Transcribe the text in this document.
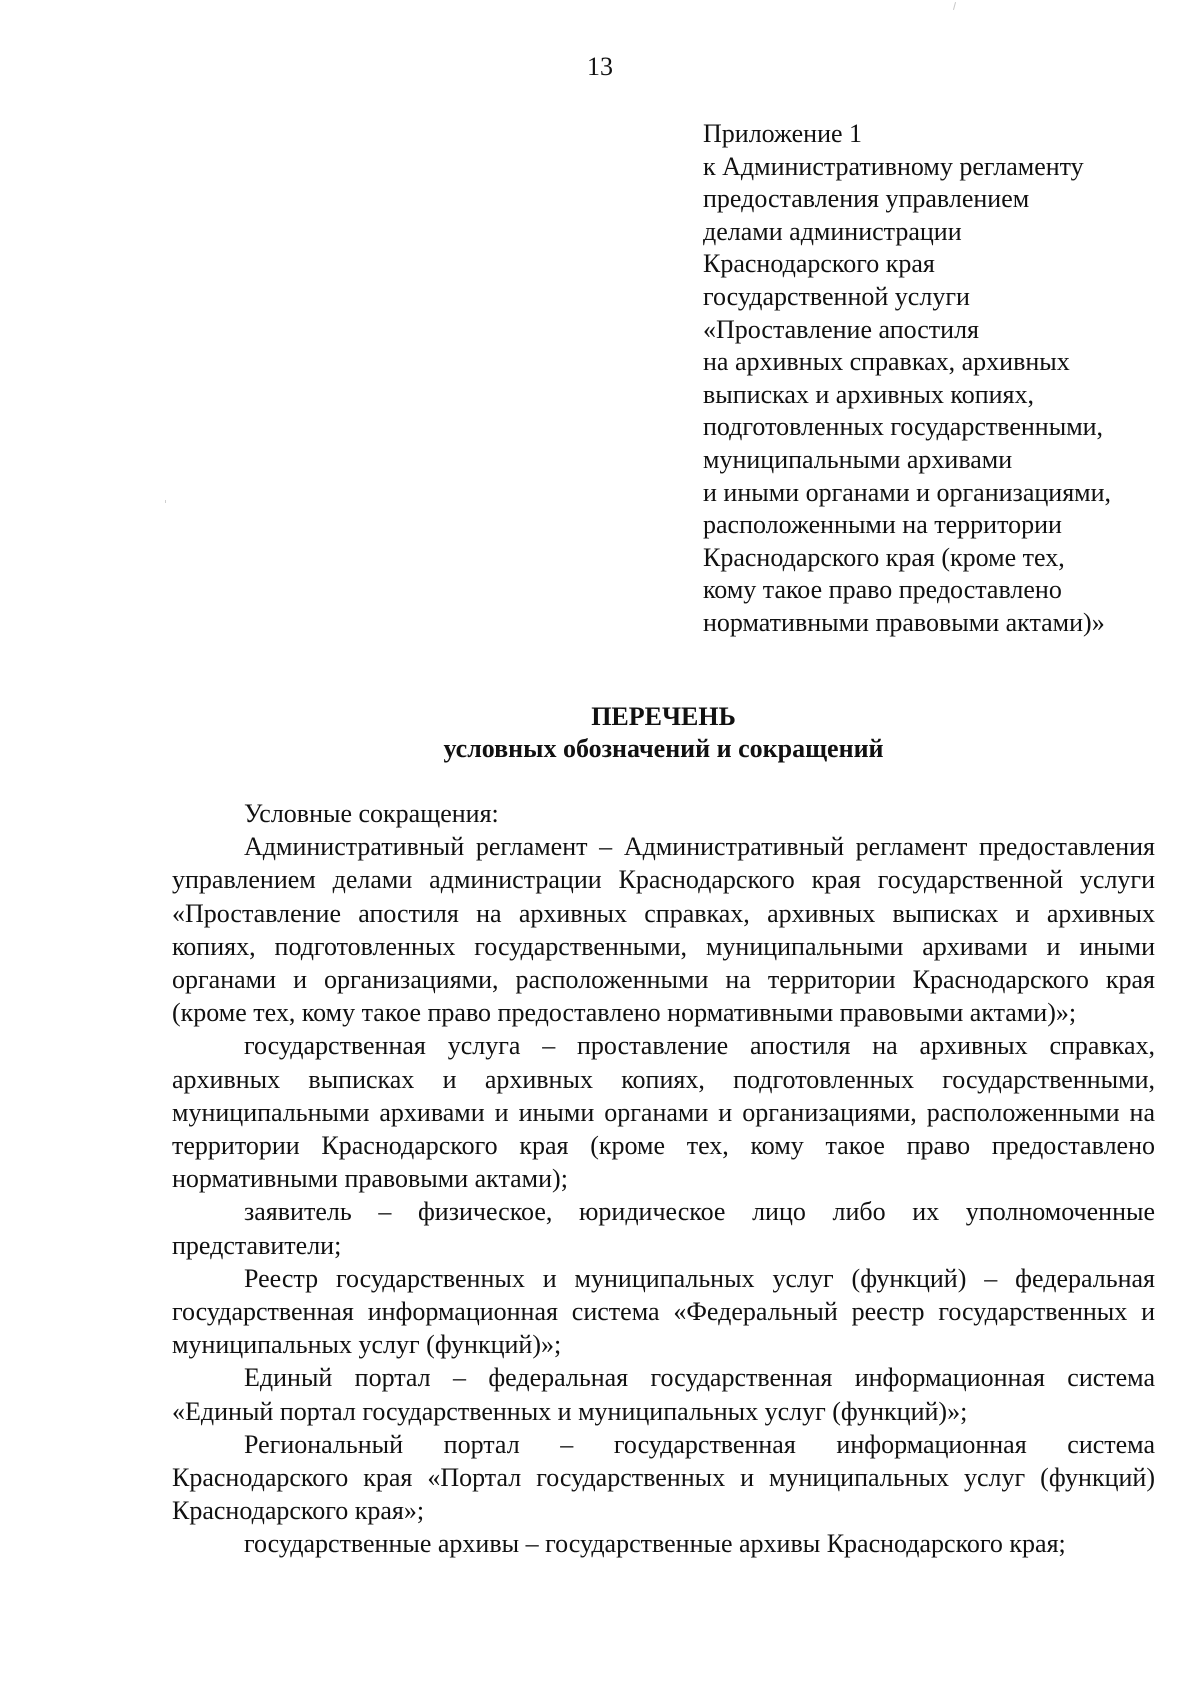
13
Приложение 1
к Административному регламенту
предоставления управлением
делами администрации
Краснодарского края
государственной услуги
«Проставление апостиля
на архивных справках, архивных
выписках и архивных копиях,
подготовленных государственными,
муниципальными архивами
и иными органами и организациями,
расположенными на территории
Краснодарского края (кроме тех,
кому такое право предоставлено
нормативными правовыми актами)»
ПЕРЕЧЕНЬ
условных обозначений и сокращений

Условные сокращения:

Административный регламент – Административный регламент предоставления управлением делами администрации Краснодарского края государственной услуги «Проставление апостиля на архивных справках, архивных выписках и архивных копиях, подготовленных государственными, муниципальными архивами и иными органами и организациями, расположенными на территории Краснодарского края (кроме тех, кому такое право предоставлено нормативными правовыми актами)»;

государственная услуга – проставление апостиля на архивных справках, архивных выписках и архивных копиях, подготовленных государственными, муниципальными архивами и иными органами и организациями, расположенными на территории Краснодарского края (кроме тех, кому такое право предоставлено нормативными правовыми актами);

заявитель – физическое, юридическое лицо либо их уполномоченные представители;

Реестр государственных и муниципальных услуг (функций) – федеральная государственная информационная система «Федеральный реестр государственных и муниципальных услуг (функций)»;

Единый портал – федеральная государственная информационная система «Единый портал государственных и муниципальных услуг (функций)»;

Региональный портал – государственная информационная система Краснодарского края «Портал государственных и муниципальных услуг (функций) Краснодарского края»;

государственные архивы – государственные архивы Краснодарского края;
